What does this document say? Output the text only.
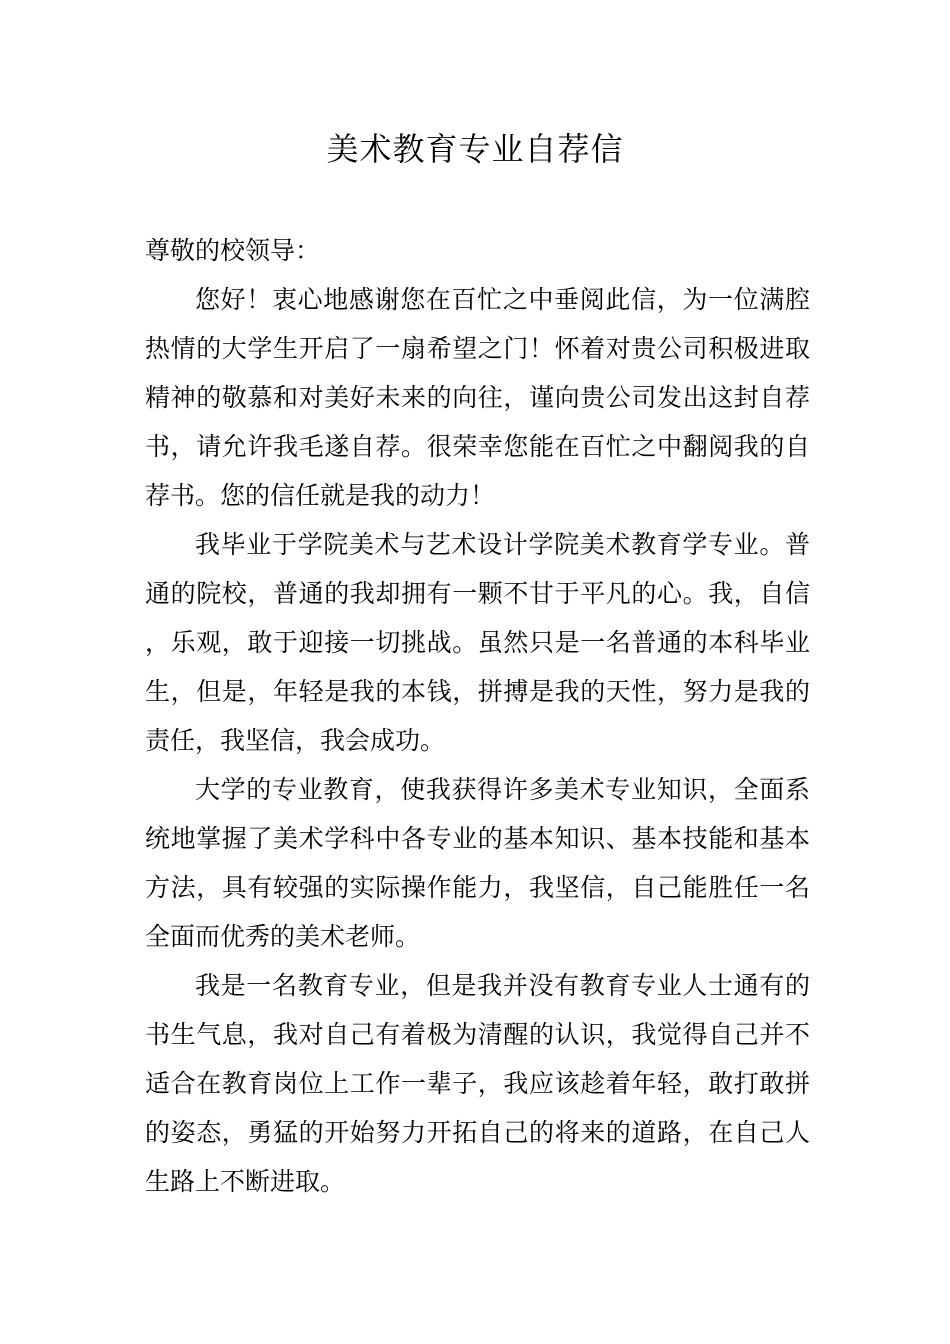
美术教育专业自荐信

尊敬的校领导：

您好！衷心地感谢您在百忙之中垂阅此信，为一位满腔热情的大学生开启了一扇希望之门！怀着对贵公司积极进取精神的敬慕和对美好未来的向往，谨向贵公司发出这封自荐书，请允许我毛遂自荐。很荣幸您能在百忙之中翻阅我的自荐书。您的信任就是我的动力！

我毕业于学院美术与艺术设计学院美术教育学专业。普通的院校，普通的我却拥有一颗不甘于平凡的心。我，自信，乐观，敢于迎接一切挑战。虽然只是一名普通的本科毕业生，但是，年轻是我的本钱，拼搏是我的天性，努力是我的责任，我坚信，我会成功。

大学的专业教育，使我获得许多美术专业知识，全面系统地掌握了美术学科中各专业的基本知识、基本技能和基本方法，具有较强的实际操作能力，我坚信，自己能胜任一名全面而优秀的美术老师。

我是一名教育专业，但是我并没有教育专业人士通有的书生气息，我对自己有着极为清醒的认识，我觉得自己并不适合在教育岗位上工作一辈子，我应该趁着年轻，敢打敢拼的姿态，勇猛的开始努力开拓自己的将来的道路，在自己人生路上不断进取。
